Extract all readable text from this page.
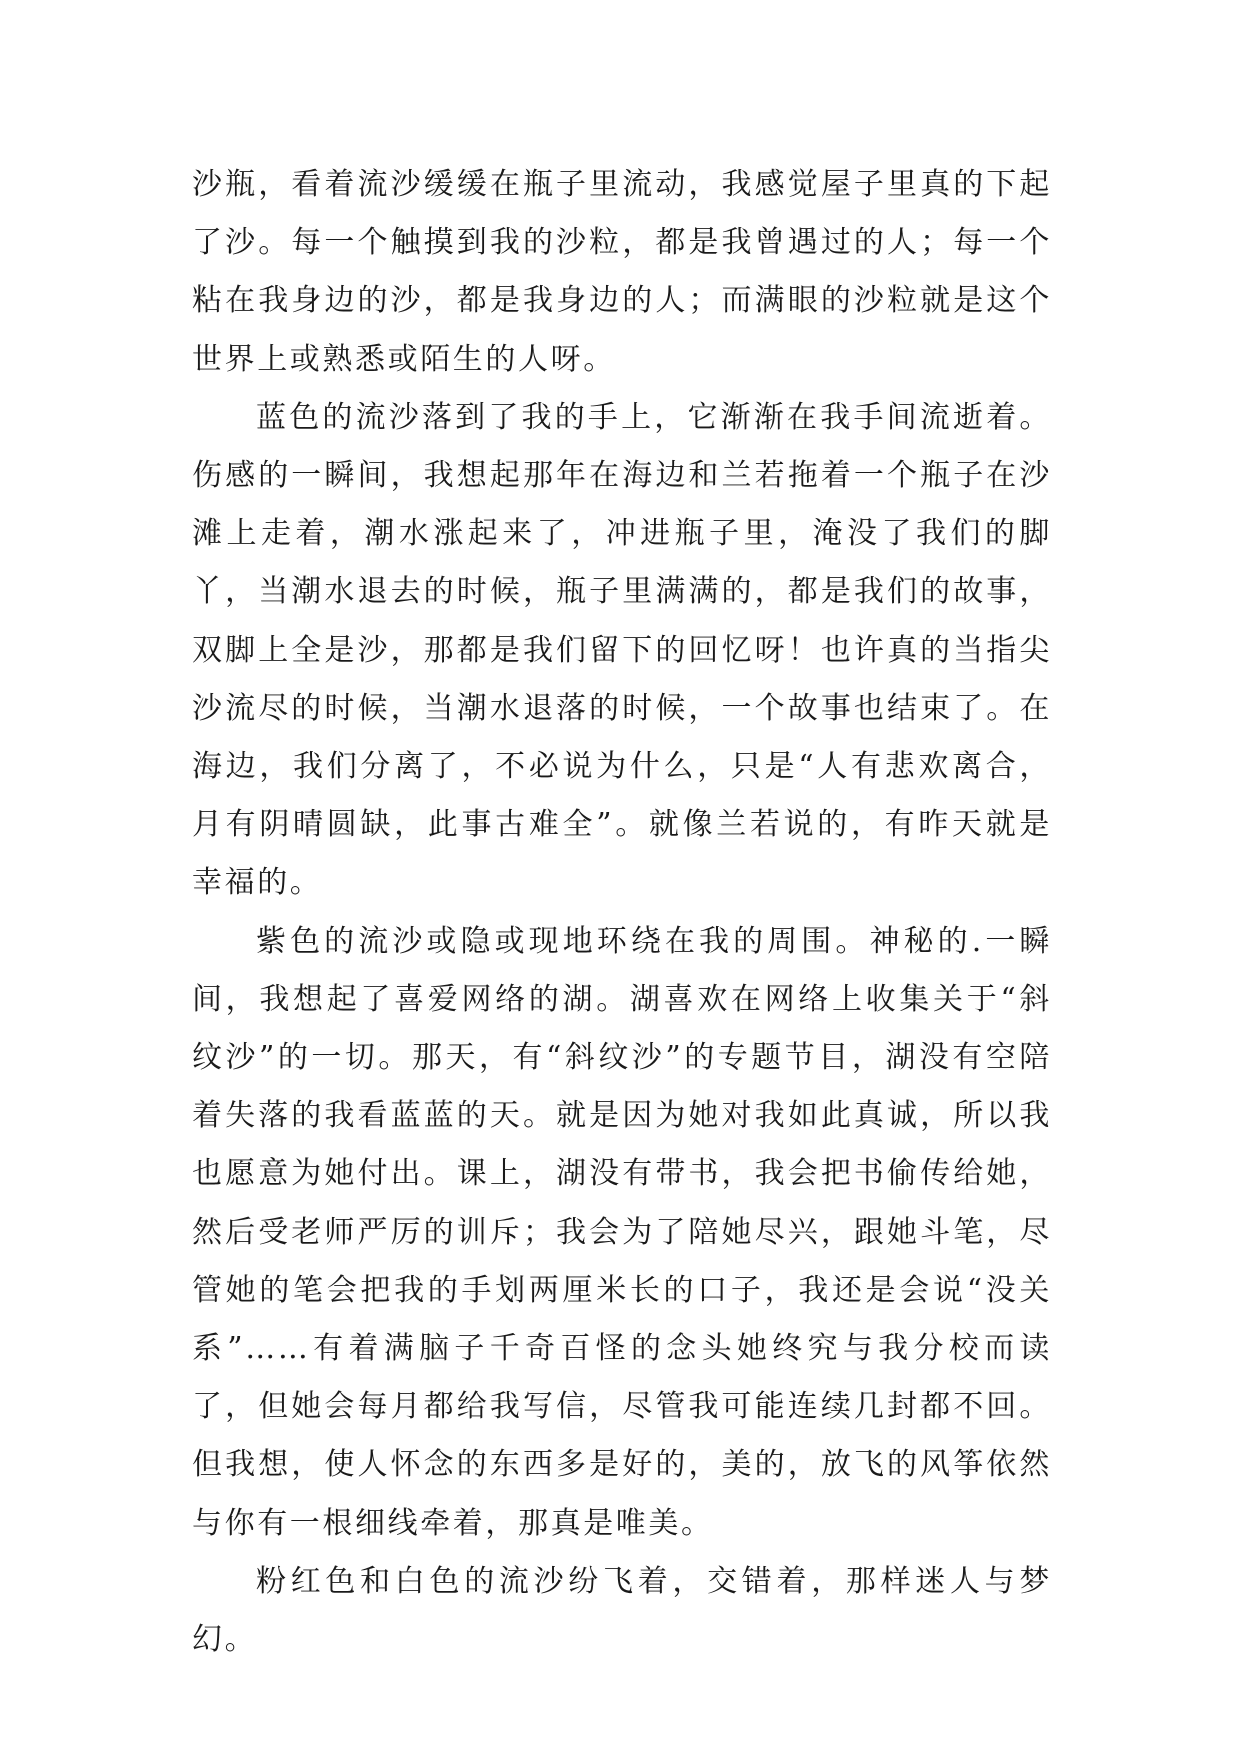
沙瓶，看着流沙缓缓在瓶子里流动，我感觉屋子里真的下起了沙。每一个触摸到我的沙粒，都是我曾遇过的人；每一个粘在我身边的沙，都是我身边的人；而满眼的沙粒就是这个世界上或熟悉或陌生的人呀。

蓝色的流沙落到了我的手上，它渐渐在我手间流逝着。伤感的一瞬间，我想起那年在海边和兰若拖着一个瓶子在沙滩上走着，潮水涨起来了，冲进瓶子里，淹没了我们的脚丫，当潮水退去的时候，瓶子里满满的，都是我们的故事，双脚上全是沙，那都是我们留下的回忆呀！也许真的当指尖沙流尽的时候，当潮水退落的时候，一个故事也结束了。在海边，我们分离了，不必说为什么，只是“人有悲欢离合，月有阴晴圆缺，此事古难全”。就像兰若说的，有昨天就是幸福的。

紫色的流沙或隐或现地环绕在我的周围。神秘的.一瞬间，我想起了喜爱网络的湖。湖喜欢在网络上收集关于“斜纹沙”的一切。那天，有“斜纹沙”的专题节目，湖没有空陪着失落的我看蓝蓝的天。就是因为她对我如此真诚，所以我也愿意为她付出。课上，湖没有带书，我会把书偷传给她，然后受老师严厉的训斥；我会为了陪她尽兴，跟她斗笔，尽管她的笔会把我的手划两厘米长的口子，我还是会说“没关系”……有着满脑子千奇百怪的念头她终究与我分校而读了，但她会每月都给我写信，尽管我可能连续几封都不回。但我想，使人怀念的东西多是好的，美的，放飞的风筝依然与你有一根细线牵着，那真是唯美。

粉红色和白色的流沙纷飞着，交错着，那样迷人与梦幻。
